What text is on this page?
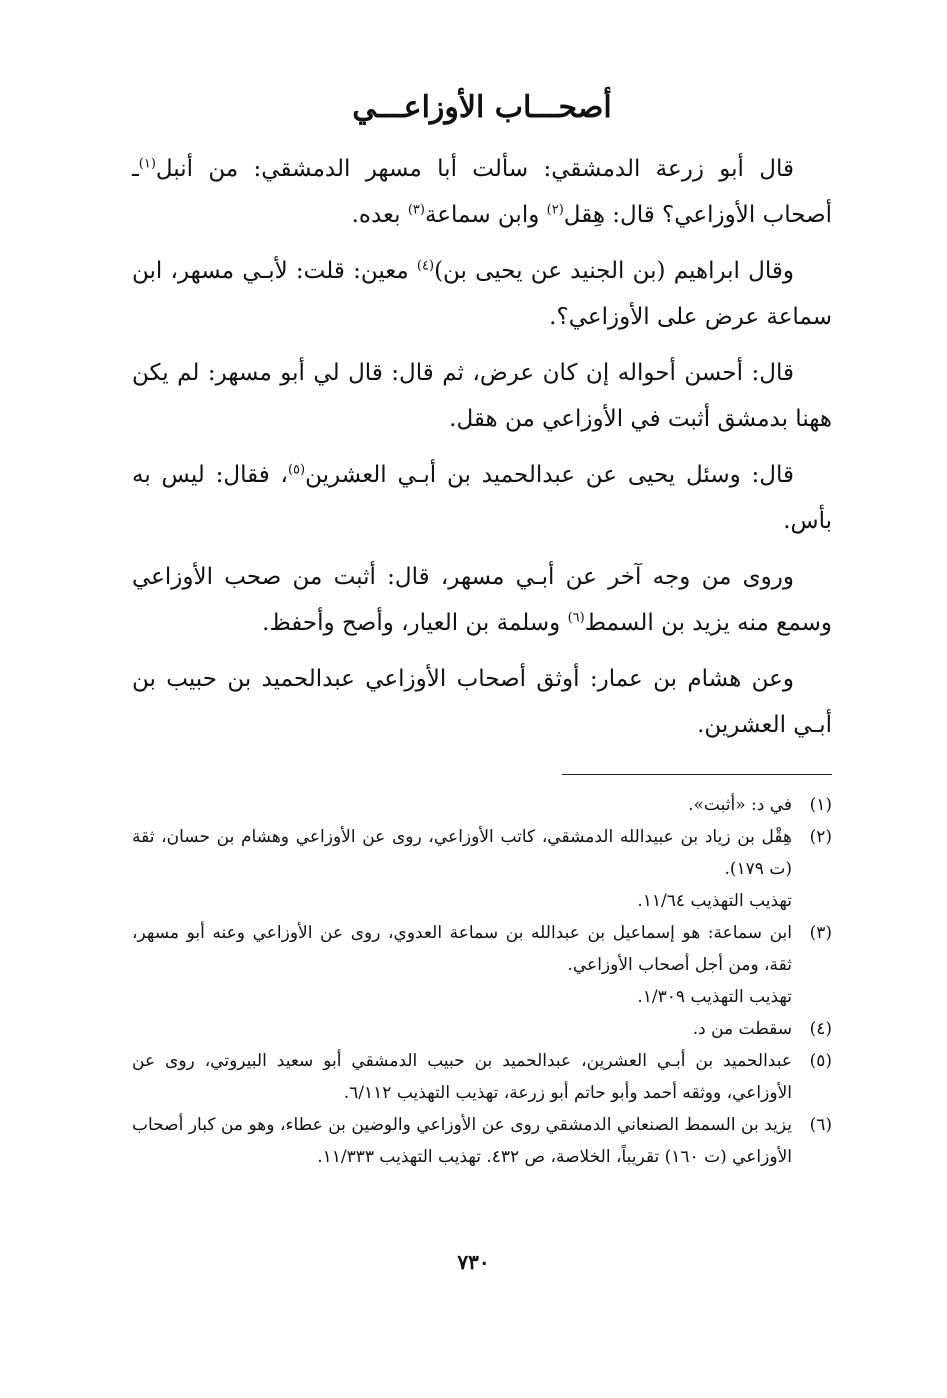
أصحـــاب الأوزاعـــي

قال أبو زرعة الدمشقي: سألت أبا مسهر الدمشقي: من أنبل$^{(١)}$ـ أصحاب الأوزاعي؟ قال: هِقل$^{(٢)}$ وابن سماعة$^{(٣)}$ بعده.

وقال ابراهيم (بن الجنيد عن يحيى بن)$^{(٤)}$ معين: قلت: لأبـي مسهر، ابن سماعة عرض على الأوزاعي؟.

قال: أحسن أحواله إن كان عرض، ثم قال: قال لي أبو مسهر: لم يكن ههنا بدمشق أثبت في الأوزاعي من هقل.

قال: وسئل يحيى عن عبدالحميد بن أبـي العشرين$^{(٥)}$، فقال: ليس به بأس.

وروى من وجه آخر عن أبـي مسهر، قال: أثبت من صحب الأوزاعي وسمع منه يزيد بن السمط$^{(٦)}$ وسلمة بن العيار، وأصح وأحفظ.

وعن هشام بن عمار: أوثق أصحاب الأوزاعي عبدالحميد بن حبيب بن أبـي العشرين.

(١)
في د: «أثبت».
(٢)
هِقْل بن زياد بن عبيدالله الدمشقي، كاتب الأوزاعي، روى عن الأوزاعي وهشام بن حسان، ثقة (ت ١٧٩).
تهذيب التهذيب ١١/٦٤.
(٣)
ابن سماعة: هو إسماعيل بن عبدالله بن سماعة العدوي، روى عن الأوزاعي وعنه أبو مسهر، ثقة، ومن أجل أصحاب الأوزاعي.
تهذيب التهذيب ١/٣٠٩.
(٤)
سقطت من د.
(٥)
عبدالحميد بن أبـي العشرين، عبدالحميد بن حبيب الدمشقي أبو سعيد البيروتي، روى عن الأوزاعي، ووثقه أحمد وأبو حاتم أبو زرعة، تهذيب التهذيب ٦/١١٢.
(٦)
يزيد بن السمط الصنعاني الدمشقي روى عن الأوزاعي والوضين بن عطاء، وهو من كبار أصحاب الأوزاعي (ت ١٦٠) تقريباً، الخلاصة، ص ٤٣٢. تهذيب التهذيب ١١/٣٣٣.
٧٣٠
